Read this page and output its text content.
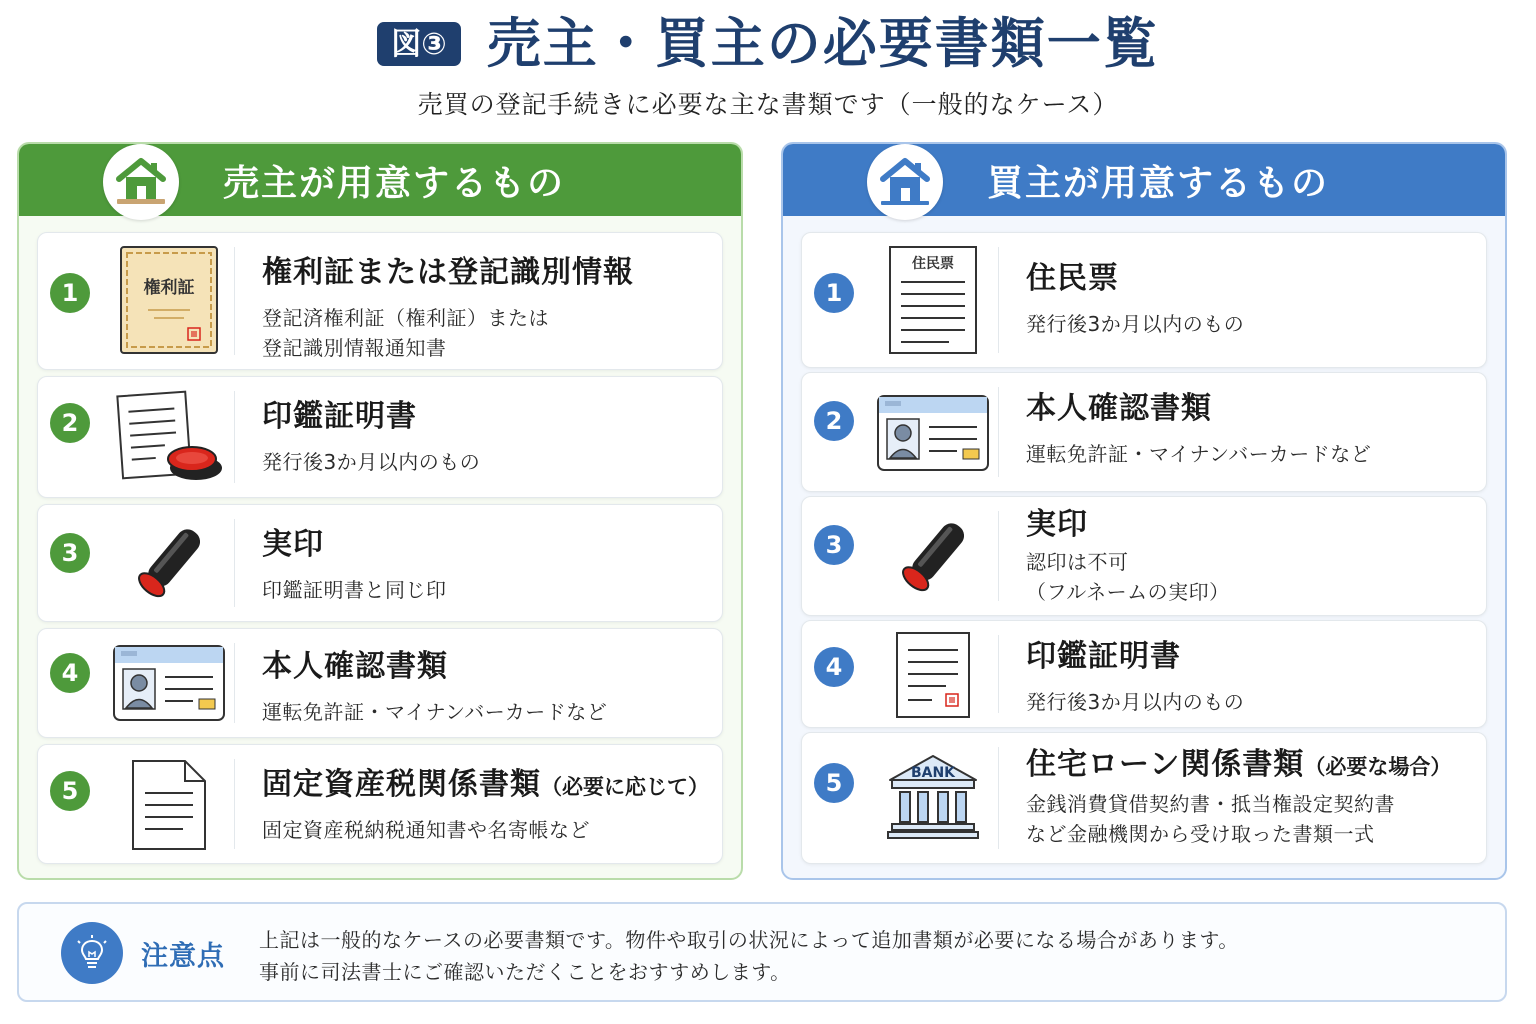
図③ 売主・買主の必要書類一覧
売買の登記手続きに必要な主な書類です（一般的なケース）
売主が用意するもの
1	権利証 権利証または登記識別情報
登記済権利証（権利証）または
登記識別情報通知書
2	印鑑証明書
発行後3か月以内のもの
3	実印
印鑑証明書と同じ印
4	本人確認書類
運転免許証・マイナンバーカードなど
5	固定資産税関係書類（必要に応じて）
固定資産税納税通知書や名寄帳など
買主が用意するもの
1
住民票 住民票
発行後3か月以内のもの
2	本人確認書類
運転免許証・マイナンバーカードなど
3
実印
認印は不可
（フルネームの実印）
4	印鑑証明書
発行後3か月以内のもの
5	BANK 住宅ローン関係書類（必要な場合）
金銭消費貸借契約書・抵当権設定契約書
など金融機関から受け取った書類一式
注意点
上記は一般的なケースの必要書類です。物件や取引の状況によって追加書類が必要になる場合があります。
事前に司法書士にご確認いただくことをおすすめします。
